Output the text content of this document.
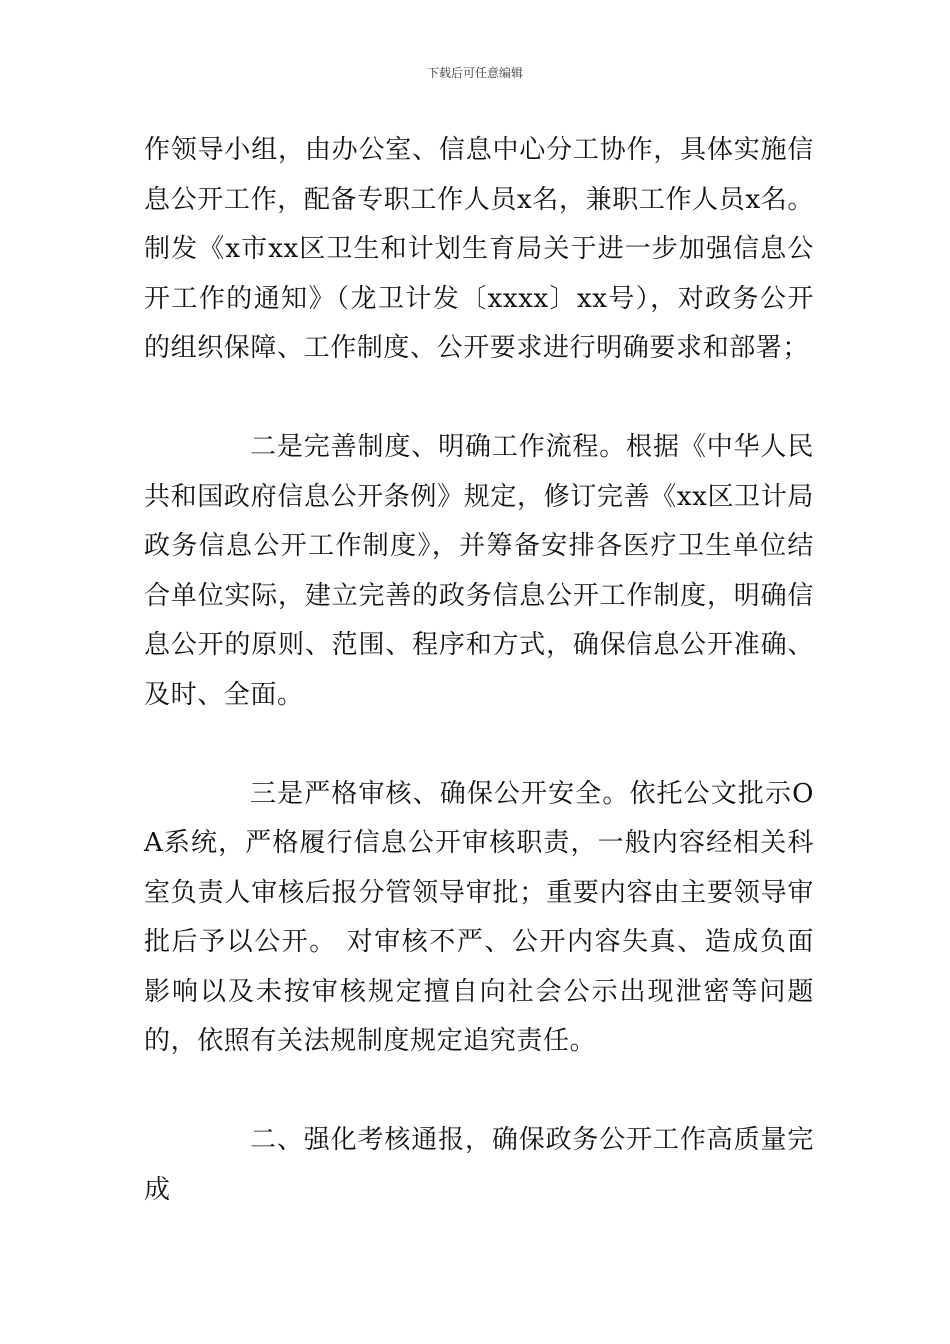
下载后可任意编辑

作领导小组，由办公室、信息中心分工协作，具体实施信息公开工作，配备专职工作人员x名，兼职工作人员x名。制发《x市xx区卫生和计划生育局关于进一步加强信息公开工作的通知》（龙卫计发〔xxxx〕xx号），对政务公开的组织保障、工作制度、公开要求进行明确要求和部署；

二是完善制度、明确工作流程。根据《中华人民共和国政府信息公开条例》规定，修订完善《xx区卫计局政务信息公开工作制度》，并筹备安排各医疗卫生单位结合单位实际，建立完善的政务信息公开工作制度，明确信息公开的原则、范围、程序和方式，确保信息公开准确、及时、全面。

三是严格审核、确保公开安全。依托公文批示OA系统，严格履行信息公开审核职责，一般内容经相关科室负责人审核后报分管领导审批；重要内容由主要领导审批后予以公开。 对审核不严、公开内容失真、造成负面影响以及未按审核规定擅自向社会公示出现泄密等问题的，依照有关法规制度规定追究责任。

二、强化考核通报，确保政务公开工作高质量完成
